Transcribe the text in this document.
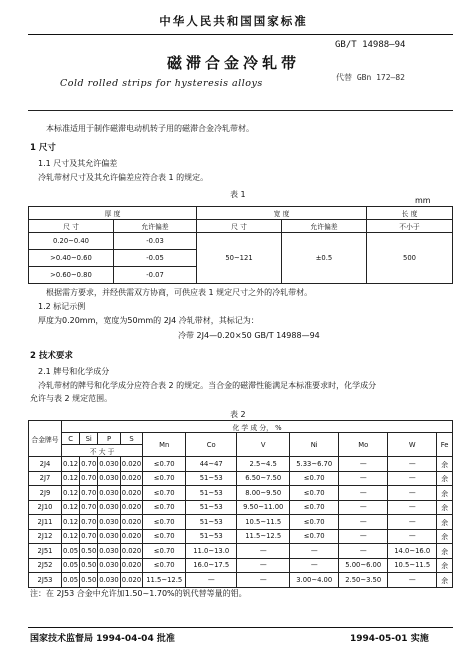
中华人民共和国国家标准
GB/T 14988—94
磁滞合金冷轧带
代替 GBn 172—82
Cold rolled strips for hysteresis alloys
本标准适用于制作磁滞电动机转子用的磁滞合金冷轧带材。
1 尺寸
1.1 尺寸及其允许偏差
冷轧带材尺寸及其允许偏差应符合表 1 的规定。
表 1
mm
厚 度		宽 度		长 度
尺 寸	允许偏差	尺 寸	允许偏差	不小于
0.20~0.40	-0.03	50~121	±0.5	500
>0.40~0.60	-0.05			
>0.60~0.80	-0.07			
根据需方要求，并经供需双方协商，可供应表 1 规定尺寸之外的冷轧带材。
1.2 标记示例
厚度为0.20mm，宽度为50mm的 2J4 冷轧带材，其标记为：
冷带 2J4—0.20×50 GB/T 14988—94
2 技术要求
2.1 牌号和化学成分
冷轧带材的牌号和化学成分应符合表 2 的规定。当合金的磁滞性能满足本标准要求时，化学成分
允许与表 2 规定范围。
表 2
合金牌号	化 学 成 分， %										
	C	Si	P	S	Mn	Co	V	Ni	Mo	W	Fe
	不 大 于										
2J4	0.12	0.70	0.030	0.020	≤0.70	44~47	2.5~4.5	5.33~6.70	—	—	余
2J7	0.12	0.70	0.030	0.020	≤0.70	51~53	6.50~7.50	≤0.70	—	—	余
2J9	0.12	0.70	0.030	0.020	≤0.70	51~53	8.00~9.50	≤0.70	—	—	余
2J10	0.12	0.70	0.030	0.020	≤0.70	51~53	9.50~11.00	≤0.70	—	—	余
2J11	0.12	0.70	0.030	0.020	≤0.70	51~53	10.5~11.5	≤0.70	—	—	余
2J12	0.12	0.70	0.030	0.020	≤0.70	51~53	11.5~12.5	≤0.70	—	—	余
2J51	0.05	0.50	0.030	0.020	≤0.70	11.0~13.0	—	—	—	14.0~16.0	余
2J52	0.05	0.50	0.030	0.020	≤0.70	16.0~17.5	—	—	5.00~6.00	10.5~11.5	余
2J53	0.05	0.50	0.030	0.020	11.5~12.5	—	—	3.00~4.00	2.50~3.50	—	余
注：在 2J53 合金中允许加1.50~1.70%的钒代替等量的钼。
国家技术监督局 1994-04-04 批准	1994-05-01 实施
